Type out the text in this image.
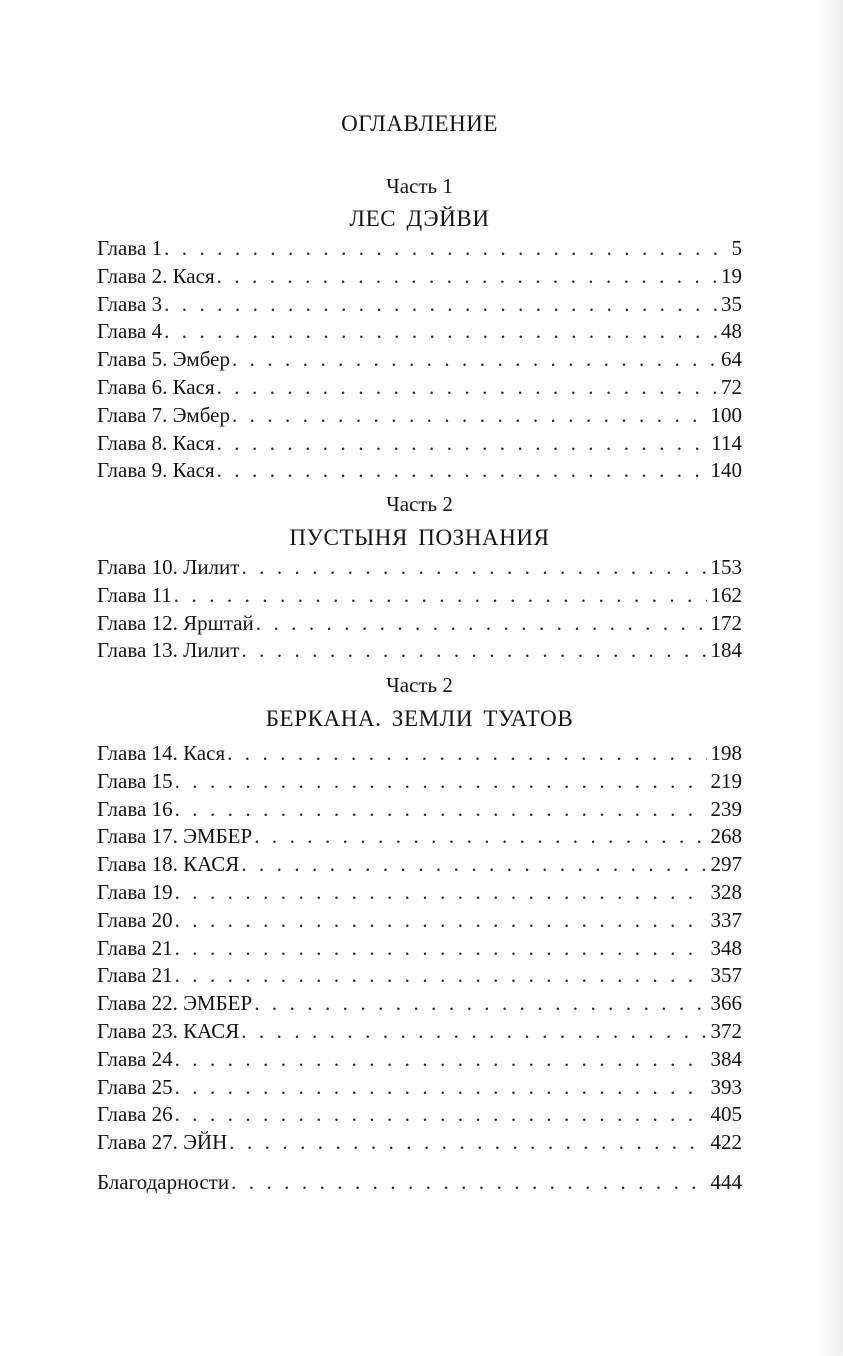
ОГЛАВЛЕНИЕ
Часть 1
ЛЕС ДЭЙВИ
Глава 1 . . .	5
Глава 2. Кася . . .	19
Глава 3 . . .	35
Глава 4 . . .	48
Глава 5. Эмбер . . .	64
Глава 6. Кася . . .	72
Глава 7. Эмбер . . .	100
Глава 8. Кася . . .	114
Глава 9. Кася . . .	140
Часть 2
ПУСТЫНЯ ПОЗНАНИЯ
Глава 10. Лилит . . .	153
Глава 11 . . .	162
Глава 12. Ярштай . . .	172
Глава 13. Лилит . . .	184
Часть 2
БЕРКАНА. ЗЕМЛИ ТУАТОВ
Глава 14. Кася . . .	198
Глава 15 . . .	219
Глава 16 . . .	239
Глава 17. ЭМБЕР . . .	268
Глава 18. КАСЯ . . .	297
Глава 19 . . .	328
Глава 20 . . .	337
Глава 21 . . .	348
Глава 21 . . .	357
Глава 22. ЭМБЕР . . .	366
Глава 23. КАСЯ . . .	372
Глава 24 . . .	384
Глава 25 . . .	393
Глава 26 . . .	405
Глава 27. ЭЙН . . .	422
Благодарности . . .	444
